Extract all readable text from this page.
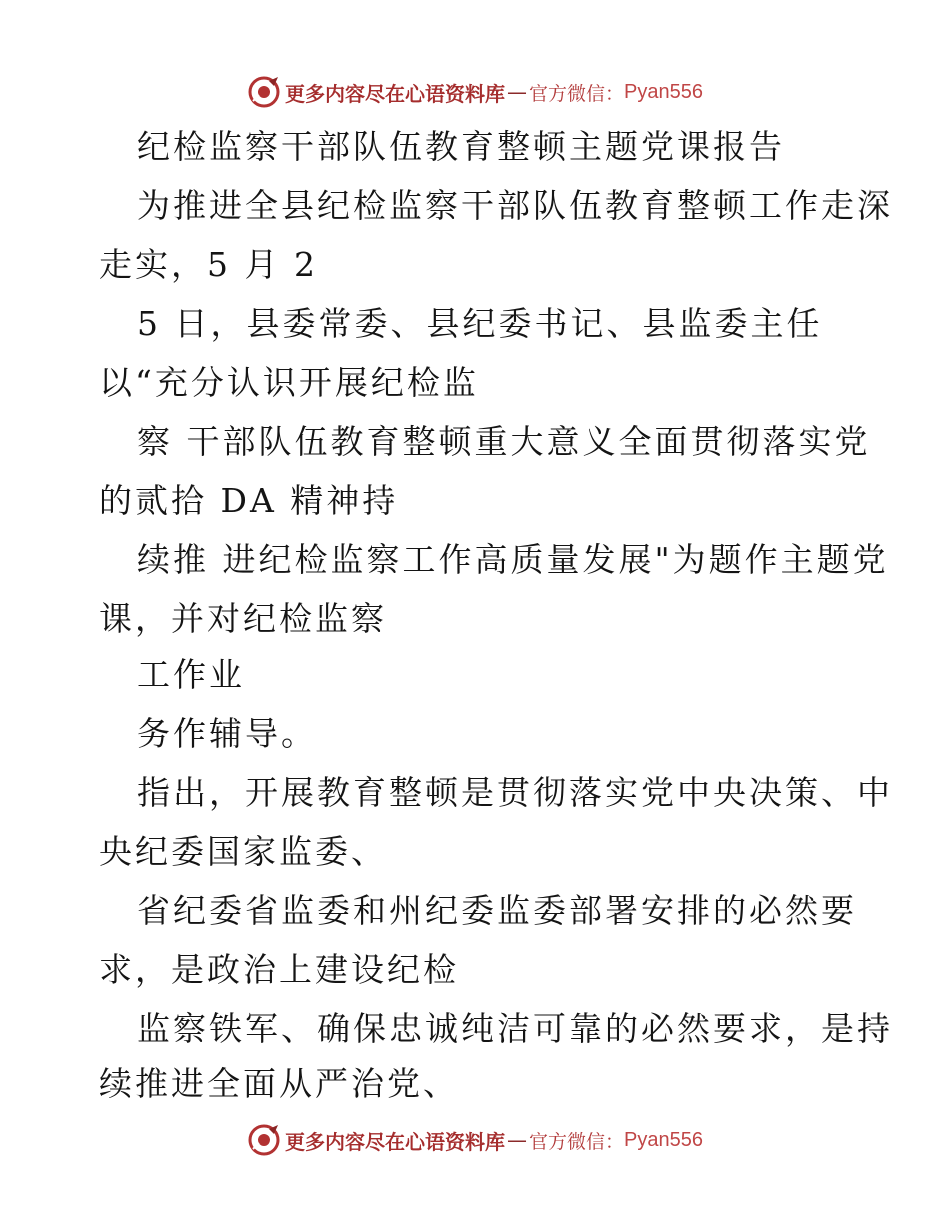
更多内容尽在心语资料库 — 官方微信： Pyan556
纪检监察干部队伍教育整顿主题党课报告
为推进全县纪检监察干部队伍教育整顿工作走深
走实，5 月 2
5 日，县委常委、县纪委书记、县监委主任
以“充分认识开展纪检监
察 干部队伍教育整顿重大意义全面贯彻落实党
的贰拾 DA 精神持
续推 进纪检监察工作高质量发展"为题作主题党
课，并对纪检监察
工作业
务作辅导。
指出，开展教育整顿是贯彻落实党中央决策、中
央纪委国家监委、
省纪委省监委和州纪委监委部署安排的必然要
求，是政治上建设纪检
监察铁军、确保忠诚纯洁可靠的必然要求，是持
续推进全面从严治党、
更多内容尽在心语资料库 — 官方微信： Pyan556
